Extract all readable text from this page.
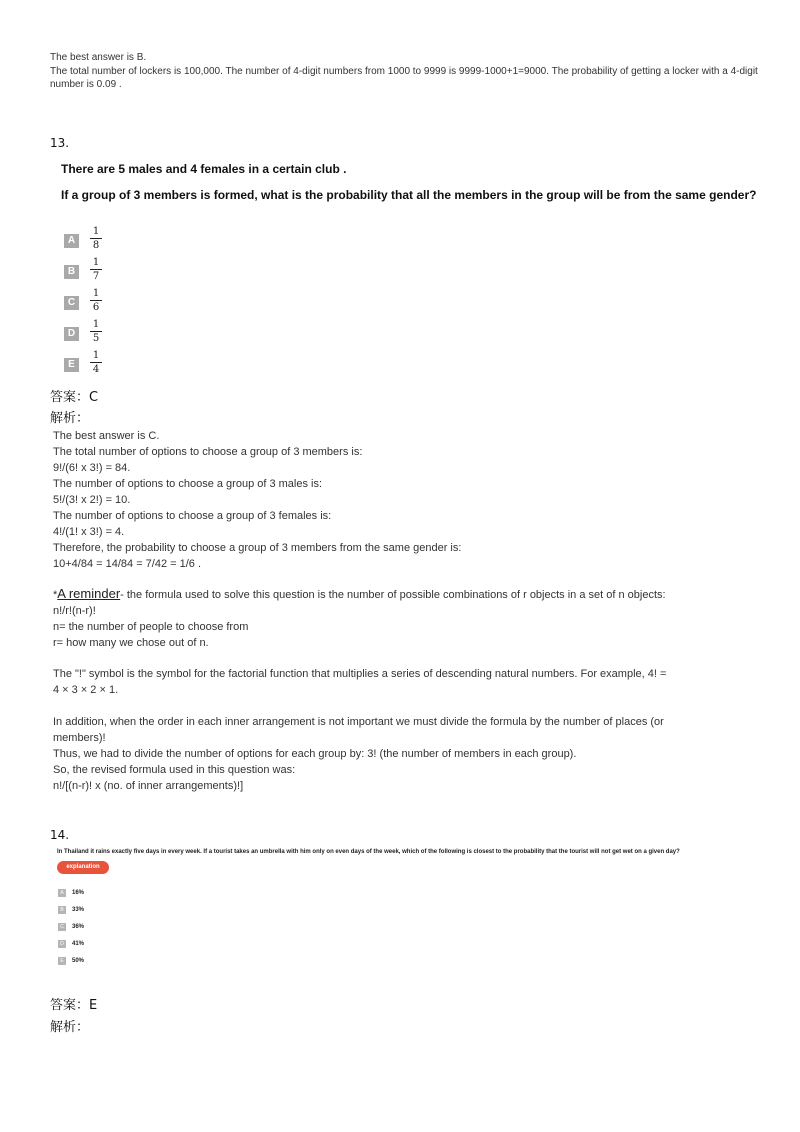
The best answer is B.
The total number of lockers is 100,000. The number of 4-digit numbers from 1000 to 9999 is 9999-1000+1=9000. The probability of getting a locker with a 4-digit
number is 0.09 .
13.
There are 5 males and 4 females in a certain club .
If a group of 3 members is formed, what is the probability that all the members in the group will be from the same gender?
A
1
8
B
1
7
C
1
6
D
1
5
E
1
4
答案：C
解析：

The best answer is C.

The total number of options to choose a group of 3 members is:

9!/(6! x 3!) = 84.

The number of options to choose a group of 3 males is:

5!/(3! x 2!) = 10.

The number of options to choose a group of 3 females is:

4!/(1! x 3!) = 4.

Therefore, the probability to choose a group of 3 members from the same gender is:

10+4/84 = 14/84 = 7/42 = 1/6 .

*A reminder- the formula used to solve this question is the number of possible combinations of r objects in a set of n objects:

n!/r!(n-r)!

n= the number of people to choose from

r= how many we chose out of n.

The "!" symbol is the symbol for the factorial function that multiplies a series of descending natural numbers. For example, 4! =

4 × 3 × 2 × 1.

In addition, when the order in each inner arrangement is not important we must divide the formula by the number of places (or

members)!

Thus, we had to divide the number of options for each group by: 3! (the number of members in each group).

So, the revised formula used in this question was:

n!/[(n-r)! x (no. of inner arrangements)!]

14.
In Thailand it rains exactly five days in every week. If a tourist takes an umbrella with him only on even days of the week, which of the following is closest to the probability that the tourist will not get wet on a given day?
explanation
A	16%
B	33%
C	36%
D	41%
E	50%
答案：E
解析：
